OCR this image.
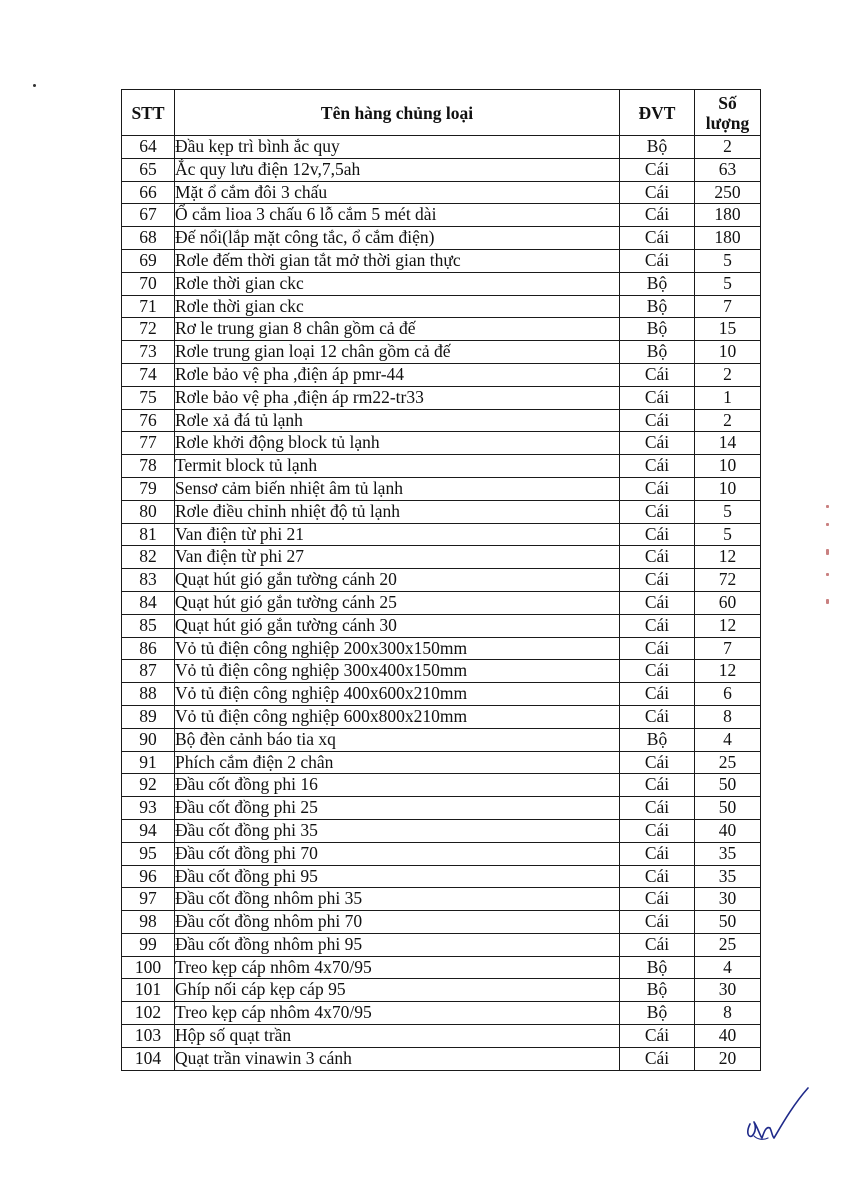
STT	Tên hàng chủng loại	ĐVT	Số
lượng
64	Đầu kẹp trì bình ắc quy	Bộ	2
65	Ắc quy lưu điện 12v,7,5ah	Cái	63
66	Mặt ổ cắm đôi 3 chấu	Cái	250
67	Ổ cắm lioa 3 chấu 6 lỗ cắm 5 mét dài	Cái	180
68	Đế nổi(lắp mặt công tắc, ổ cắm điện)	Cái	180
69	Rơle đếm thời gian tắt mở thời gian thực	Cái	5
70	Rơle thời gian ckc	Bộ	5
71	Rơle thời gian ckc	Bộ	7
72	Rơ le trung gian 8 chân gồm cả đế	Bộ	15
73	Rơle trung gian loại 12 chân gồm cả đế	Bộ	10
74	Rơle bảo vệ pha ,điện áp pmr-44	Cái	2
75	Rơle bảo vệ pha ,điện áp rm22-tr33	Cái	1
76	Rơle xả đá tủ lạnh	Cái	2
77	Rơle khởi động block tủ lạnh	Cái	14
78	Termit block tủ lạnh	Cái	10
79	Sensơ cảm biến nhiệt âm tủ lạnh	Cái	10
80	Rơle điều chỉnh nhiệt độ tủ lạnh	Cái	5
81	Van điện từ phi 21	Cái	5
82	Van điện từ phi 27	Cái	12
83	Quạt hút gió gắn tường cánh 20	Cái	72
84	Quạt hút gió gắn tường cánh 25	Cái	60
85	Quạt hút gió gắn tường cánh 30	Cái	12
86	Vỏ tủ điện công nghiệp 200x300x150mm	Cái	7
87	Vỏ tủ điện công nghiệp 300x400x150mm	Cái	12
88	Vỏ tủ điện công nghiệp 400x600x210mm	Cái	6
89	Vỏ tủ điện công nghiệp 600x800x210mm	Cái	8
90	Bộ đèn cảnh báo tia xq	Bộ	4
91	Phích cắm điện 2 chân	Cái	25
92	Đầu cốt đồng phi 16	Cái	50
93	Đầu cốt đồng phi 25	Cái	50
94	Đầu cốt đồng phi 35	Cái	40
95	Đầu cốt đồng phi 70	Cái	35
96	Đầu cốt đồng phi 95	Cái	35
97	Đầu cốt đồng nhôm phi 35	Cái	30
98	Đầu cốt đồng nhôm phi 70	Cái	50
99	Đầu cốt đồng nhôm phi 95	Cái	25
100	Treo kẹp cáp nhôm 4x70/95	Bộ	4
101	Ghíp nối cáp kẹp cáp 95	Bộ	30
102	Treo kẹp cáp nhôm 4x70/95	Bộ	8
103	Hộp số quạt trần	Cái	40
104	Quạt trần vinawin 3 cánh	Cái	20
